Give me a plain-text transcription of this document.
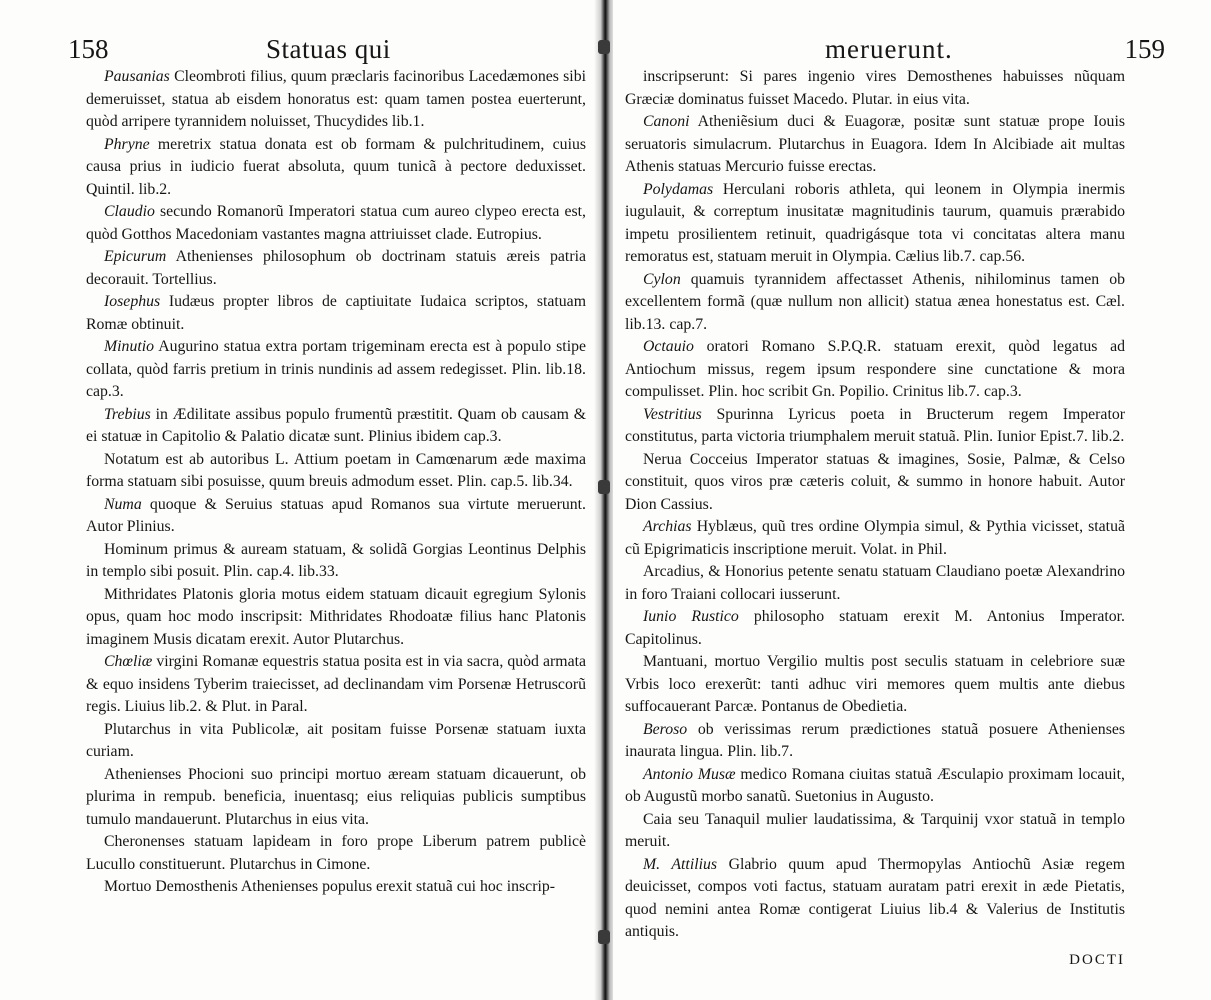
158	Statuas qui

Pausanias Cleombroti filius, quum præclaris facinoribus Lacedæmones sibi demeruisset, statua ab eisdem honoratus est: quam tamen postea euerterunt, quòd arripere tyrannidem noluisset, Thucydides lib.1.

Phryne meretrix statua donata est ob formam & pulchritudinem, cuius causa prius in iudicio fuerat absoluta, quum tunicã à pectore deduxisset. Quintil. lib.2.

Claudio secundo Romanorũ Imperatori statua cum aureo clypeo erecta est, quòd Gotthos Macedoniam vastantes magna attriuisset clade. Eutropius.

Epicurum Athenienses philosophum ob doctrinam statuis æreis patria decorauit. Tortellius.

Iosephus Iudæus propter libros de captiuitate Iudaica scriptos, statuam Romæ obtinuit.

Minutio Augurino statua extra portam trigeminam erecta est à populo stipe collata, quòd farris pretium in trinis nundinis ad assem redegisset. Plin. lib.18. cap.3.

Trebius in Ædilitate assibus populo frumentũ præstitit. Quam ob causam & ei statuæ in Capitolio & Palatio dicatæ sunt. Plinius ibidem cap.3.

Notatum est ab autoribus L. Attium poetam in Camœnarum æde maxima forma statuam sibi posuisse, quum breuis admodum esset. Plin. cap.5. lib.34.

Numa quoque & Seruius statuas apud Romanos sua virtute meruerunt. Autor Plinius.

Hominum primus & auream statuam, & solidã Gorgias Leontinus Delphis in templo sibi posuit. Plin. cap.4. lib.33.

Mithridates Platonis gloria motus eidem statuam dicauit egregium Sylonis opus, quam hoc modo inscripsit: Mithridates Rhodoatæ filius hanc Platonis imaginem Musis dicatam erexit. Autor Plutarchus.

Chœliæ virgini Romanæ equestris statua posita est in via sacra, quòd armata & equo insidens Tyberim traiecisset, ad declinandam vim Porsenæ Hetruscorũ regis. Liuius lib.2. & Plut. in Paral.

Plutarchus in vita Publicolæ, ait positam fuisse Porsenæ statuam iuxta curiam.

Athenienses Phocioni suo principi mortuo æream statuam dicauerunt, ob plurima in rempub. beneficia, inuentasq; eius reliquias publicis sumptibus tumulo mandauerunt. Plutarchus in eius vita.

Cheronenses statuam lapideam in foro prope Liberum patrem publicè Lucullo constituerunt. Plutarchus in Cimone.

Mortuo Demosthenis Athenienses populus erexit statuã cui hoc inscrip-

meruerunt.	159

inscripserunt: Si pares ingenio vires Demosthenes habuisses nũquam Græciæ dominatus fuisset Macedo. Plutar. in eius vita.

Canoni Atheniẽsium duci & Euagoræ, positæ sunt statuæ prope Iouis seruatoris simulacrum. Plutarchus in Euagora. Idem In Alcibiade ait multas Athenis statuas Mercurio fuisse erectas.

Polydamas Herculani roboris athleta, qui leonem in Olympia inermis iugulauit, & correptum inusitatæ magnitudinis taurum, quamuis prærabido impetu prosilientem retinuit, quadrigásque tota vi concitatas altera manu remoratus est, statuam meruit in Olympia. Cælius lib.7. cap.56.

Cylon quamuis tyrannidem affectasset Athenis, nihilominus tamen ob excellentem formã (quæ nullum non allicit) statua ænea honestatus est. Cæl. lib.13. cap.7.

Octauio oratori Romano S.P.Q.R. statuam erexit, quòd legatus ad Antiochum missus, regem ipsum respondere sine cunctatione & mora compulisset. Plin. hoc scribit Gn. Popilio. Crinitus lib.7. cap.3.

Vestritius Spurinna Lyricus poeta in Bructerum regem Imperator constitutus, parta victoria triumphalem meruit statuã. Plin. Iunior Epist.7. lib.2.

Nerua Cocceius Imperator statuas & imagines, Sosie, Palmæ, & Celso constituit, quos viros præ cæteris coluit, & summo in honore habuit. Autor Dion Cassius.

Archias Hyblæus, quũ tres ordine Olympia simul, & Pythia vicisset, statuã cũ Epigrimaticis inscriptione meruit. Volat. in Phil.

Arcadius, & Honorius petente senatu statuam Claudiano poetæ Alexandrino in foro Traiani collocari iusserunt.

Iunio Rustico philosopho statuam erexit M. Antonius Imperator. Capitolinus.

Mantuani, mortuo Vergilio multis post seculis statuam in celebriore suæ Vrbis loco erexerũt: tanti adhuc viri memores quem multis ante diebus suffocauerant Parcæ. Pontanus de Obedietia.

Beroso ob verissimas rerum prædictiones statuã posuere Athenienses inaurata lingua. Plin. lib.7.

Antonio Musæ medico Romana ciuitas statuã Æsculapio proximam locauit, ob Augustũ morbo sanatũ. Suetonius in Augusto.

Caia seu Tanaquil mulier laudatissima, & Tarquinij vxor statuã in templo meruit.

M. Attilius Glabrio quum apud Thermopylas Antiochũ Asiæ regem deuicisset, compos voti factus, statuam auratam patri erexit in æde Pietatis, quod nemini antea Romæ contigerat Liuius lib.4 & Valerius de Institutis antiquis.

DOCTI
